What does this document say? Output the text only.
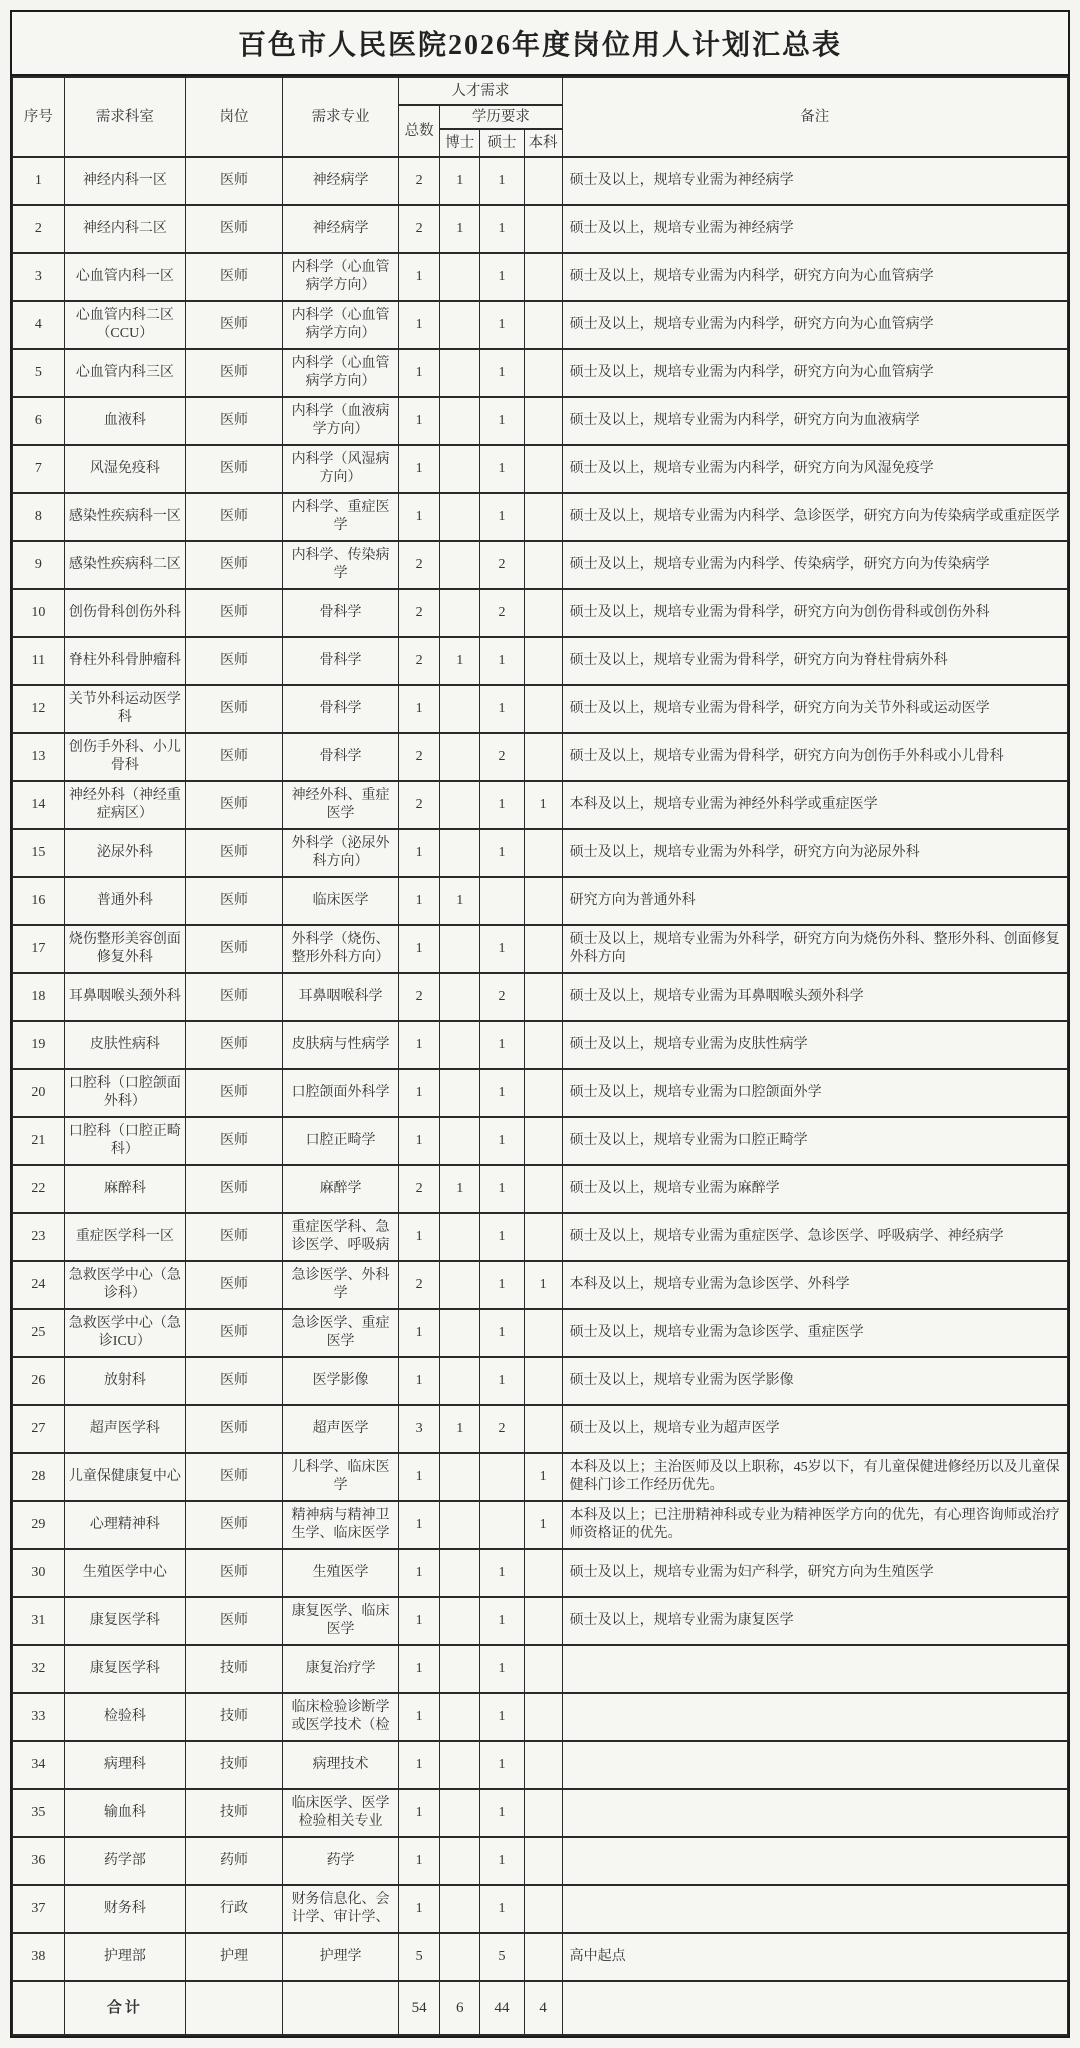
百色市人民医院2026年度岗位用人计划汇总表
序号	需求科室	岗位	需求专业	人才需求				备注
				总数	学历要求			
					博士	硕士	本科	
1	神经内科一区	医师	神经病学	2	1	1		硕士及以上，规培专业需为神经病学
2	神经内科二区	医师	神经病学	2	1	1		硕士及以上，规培专业需为神经病学
3	心血管内科一区	医师	内科学（心血管病学方向）	1		1		硕士及以上，规培专业需为内科学，研究方向为心血管病学
4	心血管内科二区（CCU）	医师	内科学（心血管病学方向）	1		1		硕士及以上，规培专业需为内科学，研究方向为心血管病学
5	心血管内科三区	医师	内科学（心血管病学方向）	1		1		硕士及以上，规培专业需为内科学，研究方向为心血管病学
6	血液科	医师	内科学（血液病学方向）	1		1		硕士及以上，规培专业需为内科学，研究方向为血液病学
7	风湿免疫科	医师	内科学（风湿病方向）	1		1		硕士及以上，规培专业需为内科学，研究方向为风湿免疫学
8	感染性疾病科一区	医师	内科学、重症医学	1		1		硕士及以上，规培专业需为内科学、急诊医学，研究方向为传染病学或重症医学
9	感染性疾病科二区	医师	内科学、传染病学	2		2		硕士及以上，规培专业需为内科学、传染病学，研究方向为传染病学
10	创伤骨科创伤外科	医师	骨科学	2		2		硕士及以上，规培专业需为骨科学，研究方向为创伤骨科或创伤外科
11	脊柱外科骨肿瘤科	医师	骨科学	2	1	1		硕士及以上，规培专业需为骨科学，研究方向为脊柱骨病外科
12	关节外科运动医学科	医师	骨科学	1		1		硕士及以上，规培专业需为骨科学，研究方向为关节外科或运动医学
13	创伤手外科、小儿骨科	医师	骨科学	2		2		硕士及以上，规培专业需为骨科学，研究方向为创伤手外科或小儿骨科
14	神经外科（神经重症病区）	医师	神经外科、重症医学	2		1	1	本科及以上，规培专业需为神经外科学或重症医学
15	泌尿外科	医师	外科学（泌尿外科方向）	1		1		硕士及以上，规培专业需为外科学，研究方向为泌尿外科
16	普通外科	医师	临床医学	1	1			研究方向为普通外科
17	烧伤整形美容创面修复外科	医师	外科学（烧伤、整形外科方向）	1		1		硕士及以上，规培专业需为外科学，研究方向为烧伤外科、整形外科、创面修复外科方向
18	耳鼻咽喉头颈外科	医师	耳鼻咽喉科学	2		2		硕士及以上，规培专业需为耳鼻咽喉头颈外科学
19	皮肤性病科	医师	皮肤病与性病学	1		1		硕士及以上，规培专业需为皮肤性病学
20	口腔科（口腔颌面外科）	医师	口腔颌面外科学	1		1		硕士及以上，规培专业需为口腔颌面外学
21	口腔科（口腔正畸科）	医师	口腔正畸学	1		1		硕士及以上，规培专业需为口腔正畸学
22	麻醉科	医师	麻醉学	2	1	1		硕士及以上，规培专业需为麻醉学
23	重症医学科一区	医师	重症医学科、急诊医学、呼吸病	1		1		硕士及以上，规培专业需为重症医学、急诊医学、呼吸病学、神经病学
24	急救医学中心（急诊科）	医师	急诊医学、外科学	2		1	1	本科及以上，规培专业需为急诊医学、外科学
25	急救医学中心（急诊ICU）	医师	急诊医学、重症医学	1		1		硕士及以上，规培专业需为急诊医学、重症医学
26	放射科	医师	医学影像	1		1		硕士及以上，规培专业需为医学影像
27	超声医学科	医师	超声医学	3	1	2		硕士及以上，规培专业为超声医学
28	儿童保健康复中心	医师	儿科学、临床医学	1			1	本科及以上；主治医师及以上职称，45岁以下，有儿童保健进修经历以及儿童保健科门诊工作经历优先。
29	心理精神科	医师	精神病与精神卫生学、临床医学	1			1	本科及以上；已注册精神科或专业为精神医学方向的优先，有心理咨询师或治疗师资格证的优先。
30	生殖医学中心	医师	生殖医学	1		1		硕士及以上，规培专业需为妇产科学，研究方向为生殖医学
31	康复医学科	医师	康复医学、临床医学	1		1		硕士及以上，规培专业需为康复医学
32	康复医学科	技师	康复治疗学	1		1		
33	检验科	技师	临床检验诊断学或医学技术（检	1		1		
34	病理科	技师	病理技术	1		1		
35	输血科	技师	临床医学、医学检验相关专业	1		1		
36	药学部	药师	药学	1		1		
37	财务科	行政	财务信息化、会计学、审计学、	1		1		
38	护理部	护理	护理学	5		5		高中起点
	合计			54	6	44	4	
